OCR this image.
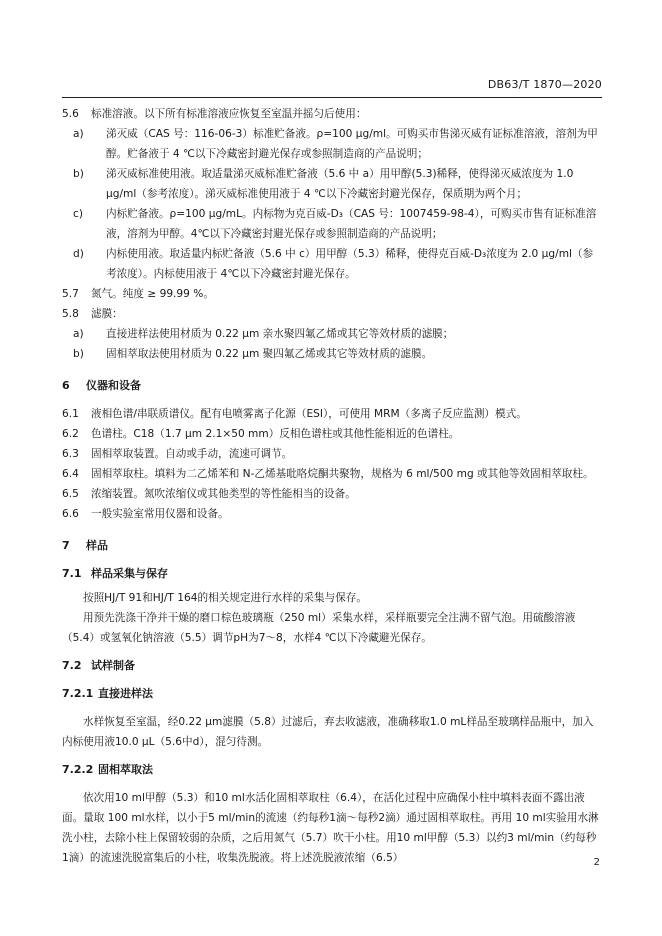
DB63/T 1870—2020
5.6 标准溶液。以下所有标准溶液应恢复至室温并摇匀后使用：
a) 涕灭威（CAS 号：116-06-3）标准贮备液。ρ=100 μg/ml。可购买市售涕灭威有证标准溶液，溶剂为甲醇。贮备液于 4 ℃以下冷藏密封避光保存或参照制造商的产品说明；
b) 涕灭威标准使用液。取适量涕灭威标准贮备液（5.6 中 a）用甲醇(5.3)稀释，使得涕灭威浓度为 1.0 μg/ml（参考浓度）。涕灭威标准使用液于 4 ℃以下冷藏密封避光保存，保质期为两个月；
c) 内标贮备液。ρ=100 μg/mL。内标物为克百威-D₃（CAS 号：1007459-98-4），可购买市售有证标准溶液，溶剂为甲醇。4℃以下冷藏密封避光保存或参照制造商的产品说明；
d) 内标使用液。取适量内标贮备液（5.6 中 c）用甲醇（5.3）稀释，使得克百威-D₃浓度为 2.0 μg/ml（参考浓度）。内标使用液于 4℃以下冷藏密封避光保存。
5.7 氮气。纯度 ≥ 99.99 %。
5.8 滤膜：
a) 直接进样法使用材质为 0.22 μm 亲水聚四氟乙烯或其它等效材质的滤膜；
b) 固相萃取法使用材质为 0.22 μm 聚四氟乙烯或其它等效材质的滤膜。
6 仪器和设备
6.1 液相色谱/串联质谱仪。配有电喷雾离子化源（ESI），可使用 MRM（多离子反应监测）模式。
6.2 色谱柱。C18（1.7 μm 2.1×50 mm）反相色谱柱或其他性能相近的色谱柱。
6.3 固相萃取装置。自动或手动，流速可调节。
6.4	固相萃取柱。填料为二乙烯苯和 N-乙烯基吡咯烷酮共聚物，规格为 6 ml/500 mg 或其他等效固相萃取柱。
6.5 浓缩装置。氮吹浓缩仪或其他类型的等性能相当的设备。
6.6 一般实验室常用仪器和设备。
7 样品
7.1 样品采集与保存
按照HJ/T 91和HJ/T 164的相关规定进行水样的采集与保存。
用预先洗涤干净并干燥的磨口棕色玻璃瓶（250 ml）采集水样，采样瓶要完全注满不留气泡。用硫酸溶液（5.4）或氢氧化钠溶液（5.5）调节pH为7～8，水样4 ℃以下冷藏避光保存。
7.2 试样制备
7.2.1 直接进样法
水样恢复至室温，经0.22 μm滤膜（5.8）过滤后，弃去收滤液，准确移取1.0 mL样品至玻璃样品瓶中，加入内标使用液10.0 μL（5.6中d），混匀待测。
7.2.2 固相萃取法
依次用10 ml甲醇（5.3）和10 ml水活化固相萃取柱（6.4），在活化过程中应确保小柱中填料表面不露出液面。量取 100 ml水样，以小于5 ml/min的流速（约每秒1滴～每秒2滴）通过固相萃取柱。再用 10 ml实验用水淋洗小柱，去除小柱上保留较弱的杂质，之后用氮气（5.7）吹干小柱。用10 ml甲醇（5.3）以约3 ml/min（约每秒1滴）的流速洗脱富集后的小柱，收集洗脱液。将上述洗脱液浓缩（6.5）	2
